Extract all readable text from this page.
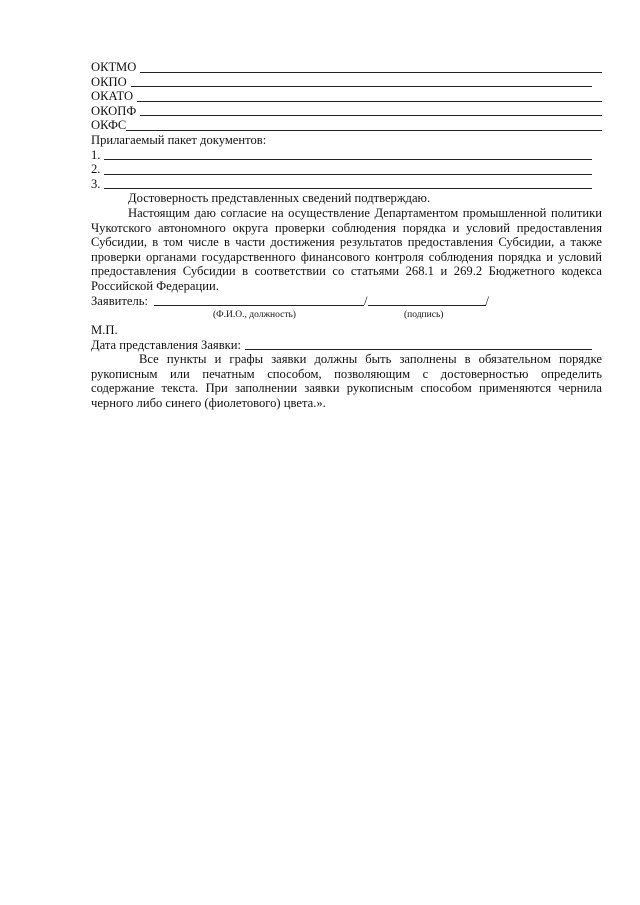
ОКТМО
ОКПО
ОКАТО
ОКОПФ
ОКФС
Прилагаемый пакет документов:
1.
2.
3.

Достоверность представленных сведений подтверждаю.

Настоящим даю согласие на осуществление Департаментом промышленной политики Чукотского автономного округа проверки соблюдения порядка и условий предоставления Субсидии, в том числе в части достижения результатов предоставления Субсидии, а также проверки органами государственного финансового контроля соблюдения порядка и условий предоставления Субсидии в соответствии со статьями 268.1 и 269.2 Бюджетного кодекса Российской Федерации.

Заявитель:	/	/
(Ф.И.О., должность)	(подпись)
М.П.
Дата представления Заявки:

Все пункты и графы заявки должны быть заполнены в обязательном порядке рукописным или печатным способом, позволяющим с достоверностью определить содержание текста. При заполнении заявки рукописным способом применяются чернила черного либо синего (фиолетового) цвета.».
